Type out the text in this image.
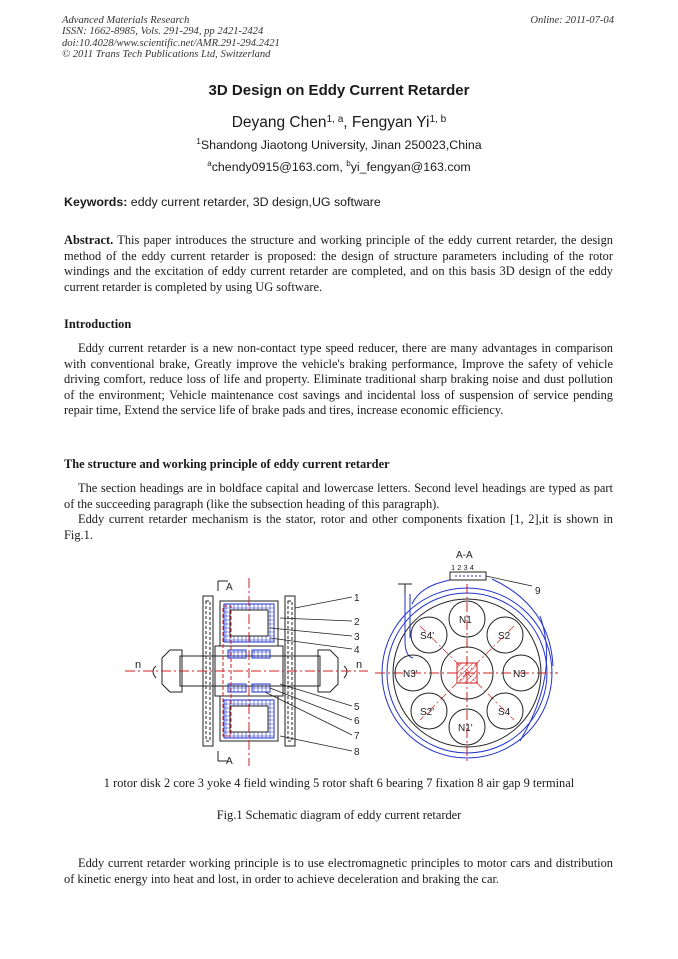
Advanced Materials Research
ISSN: 1662-8985, Vols. 291-294, pp 2421-2424
doi:10.4028/www.scientific.net/AMR.291-294.2421
© 2011 Trans Tech Publications Ltd, Switzerland
Online: 2011-07-04
3D Design on Eddy Current Retarder
Deyang Chen$^{1, a}$, Fengyan Yi$^{1, b}$
$^1$Shandong Jiaotong University, Jinan 250023,China
$^a$chendy0915@163.com, $^b$yi_fengyan@163.com
Keywords: eddy current retarder, 3D design,UG software
Abstract. This paper introduces the structure and working principle of the eddy current retarder, the design method of the eddy current retarder is proposed: the design of structure parameters including of the rotor windings and the excitation of eddy current retarder are completed, and on this basis 3D design of the eddy current retarder is completed by using UG software.
Introduction
Eddy current retarder is a new non-contact type speed reducer, there are many advantages in comparison with conventional brake, Greatly improve the vehicle's braking performance, Improve the safety of vehicle driving comfort, reduce loss of life and property. Eliminate traditional sharp braking noise and dust pollution of the environment; Vehicle maintenance cost savings and incidental loss of suspension of service pending repair time, Extend the service life of brake pads and tires, increase economic efficiency.
The structure and working principle of eddy current retarder
The section headings are in boldface capital and lowercase letters. Second level headings are typed as part of the succeeding paragraph (like the subsection heading of this paragraph).
Eddy current retarder mechanism is the stator, rotor and other components fixation [1, 2],it is shown in Fig.1.
A
A
n	n
1
2
3
4
5
6
7
8
A-A
1 2 3 4
9
N1
S2
N3
S4
N1'
S2'
N3'
S4'
1 rotor disk 2 core 3 yoke 4 field winding 5 rotor shaft 6 bearing 7 fixation 8 air gap 9 terminal
Fig.1 Schematic diagram of eddy current retarder
Eddy current retarder working principle is to use electromagnetic principles to motor cars and distribution of kinetic energy into heat and lost, in order to achieve deceleration and braking the car.
